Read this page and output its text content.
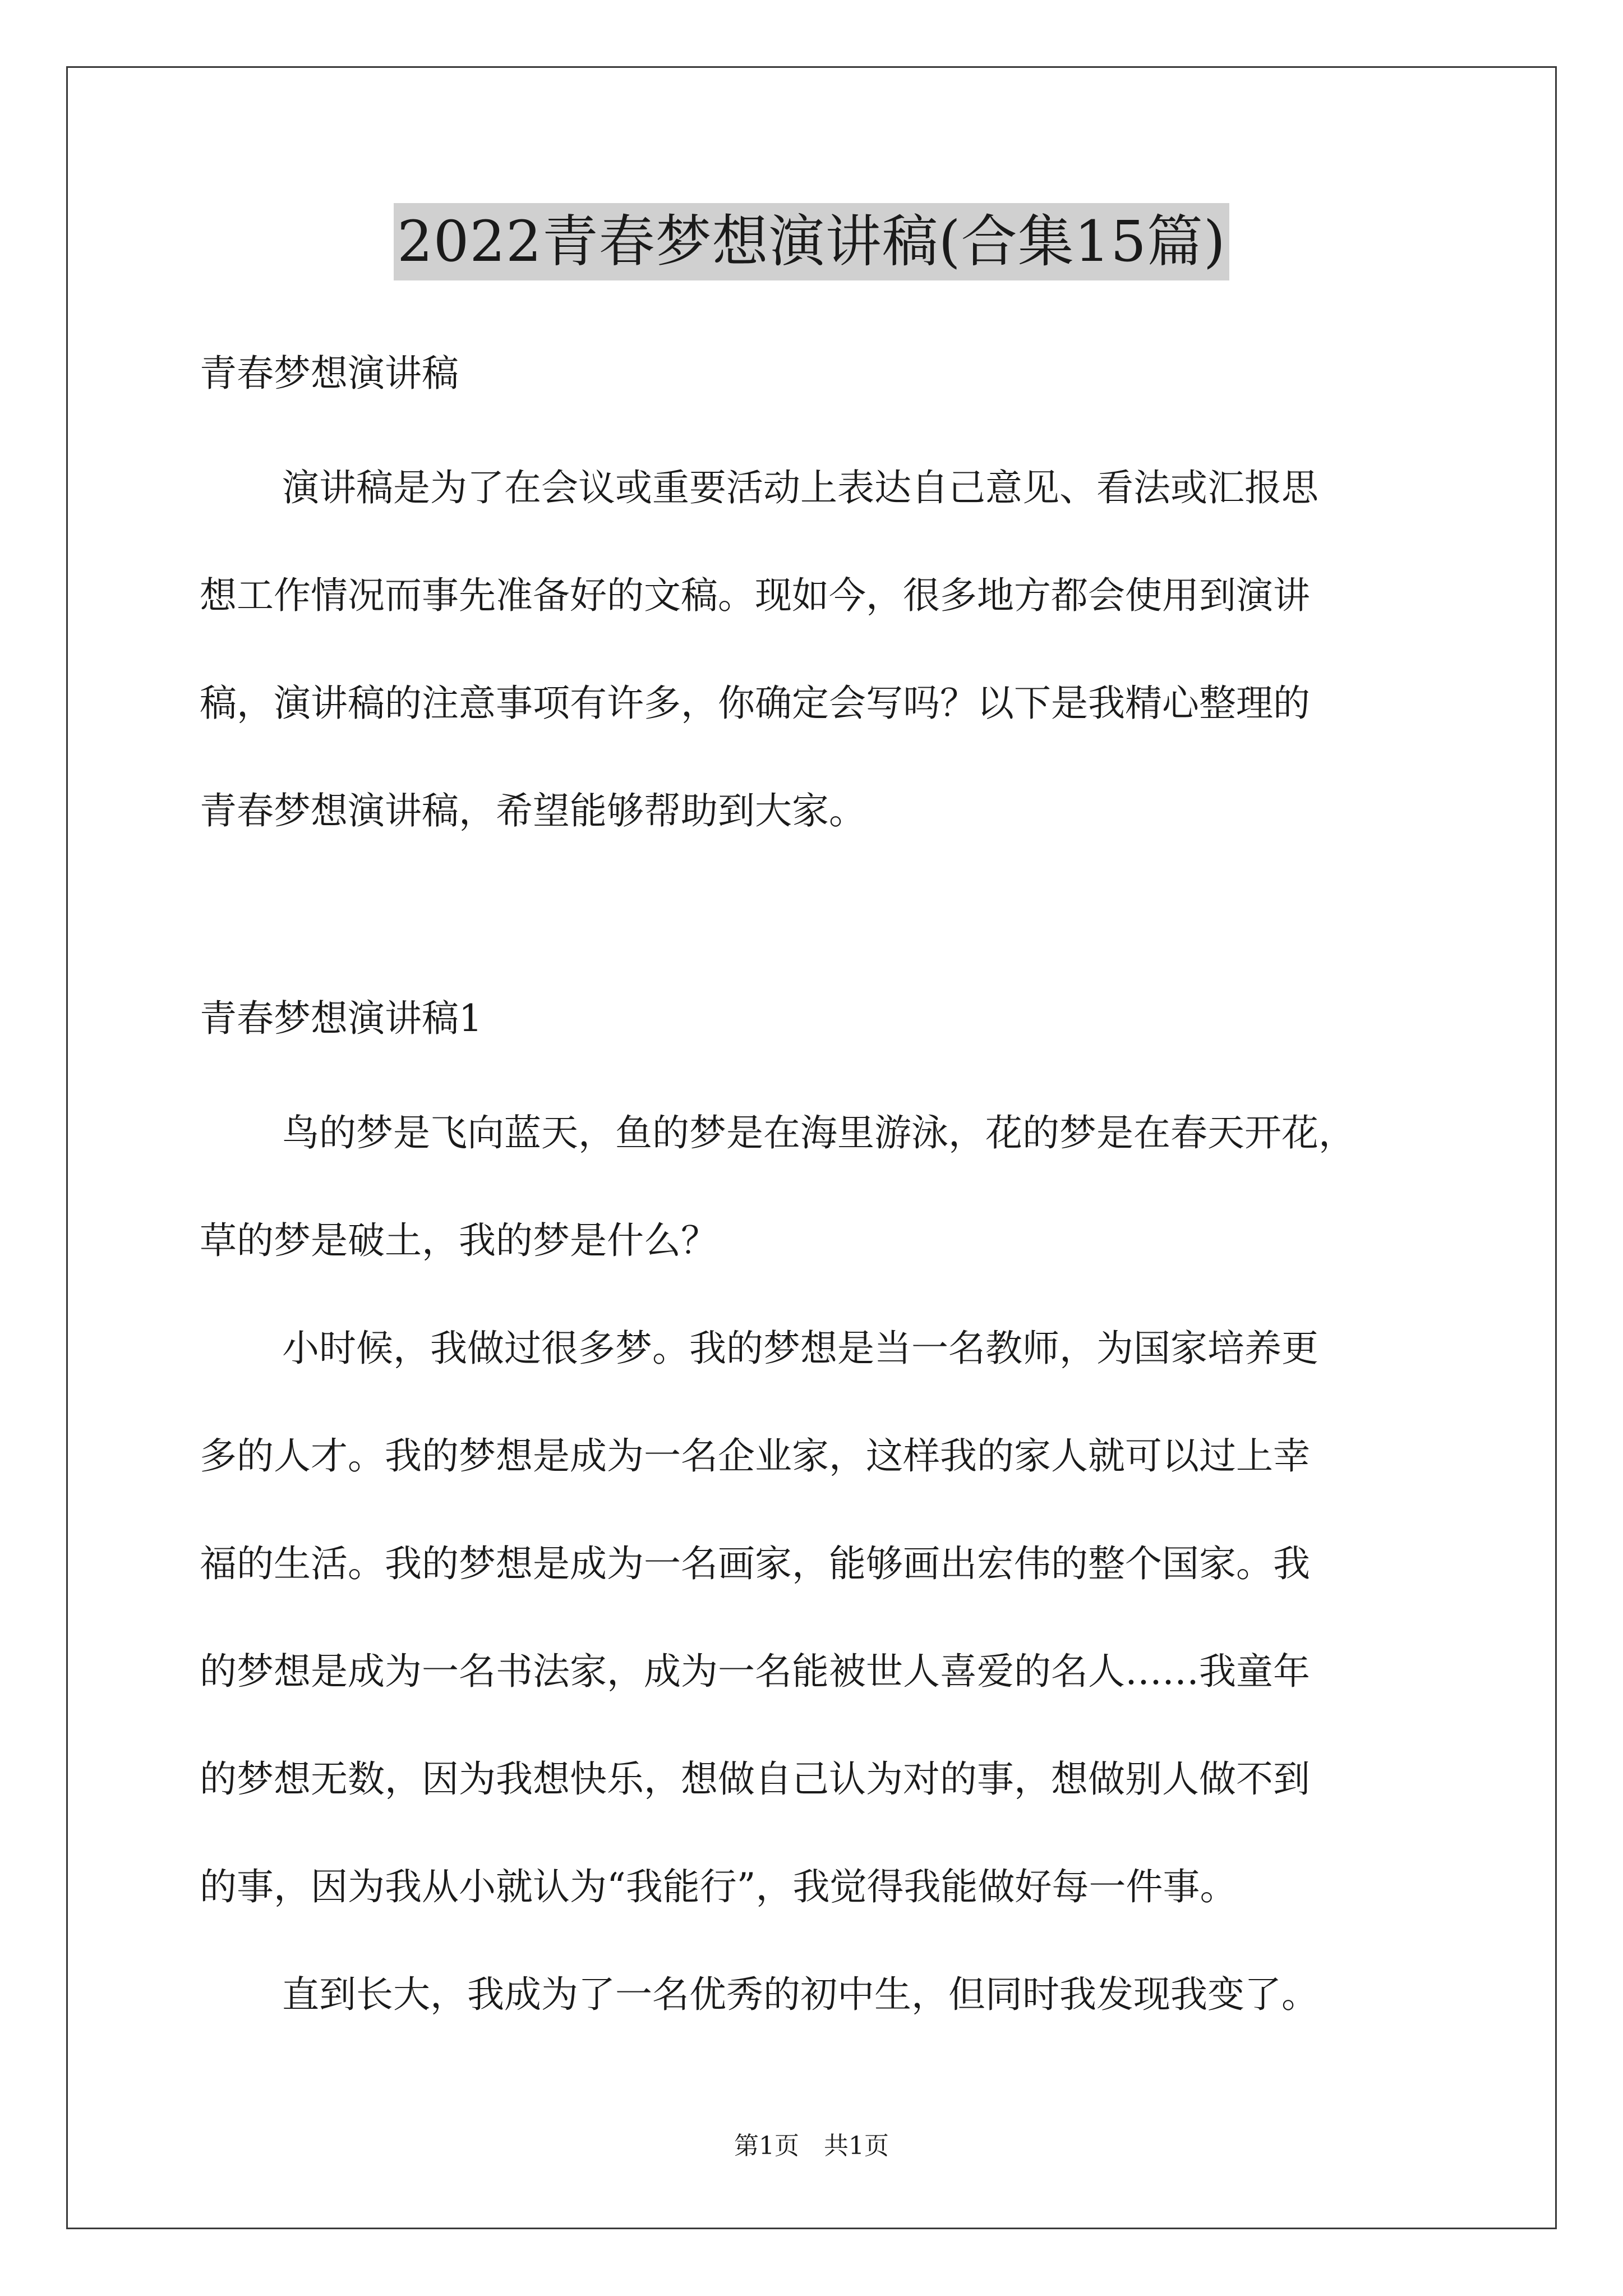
2022青春梦想演讲稿(合集15篇)
青春梦想演讲稿
演讲稿是为了在会议或重要活动上表达自己意见、看法或汇报思
想工作情况而事先准备好的文稿。现如今，很多地方都会使用到演讲
稿，演讲稿的注意事项有许多，你确定会写吗？以下是我精心整理的
青春梦想演讲稿，希望能够帮助到大家。
青春梦想演讲稿1
鸟的梦是飞向蓝天，鱼的梦是在海里游泳，花的梦是在春天开花，
草的梦是破土，我的梦是什么？
小时候，我做过很多梦。我的梦想是当一名教师，为国家培养更
多的人才。我的梦想是成为一名企业家，这样我的家人就可以过上幸
福的生活。我的梦想是成为一名画家，能够画出宏伟的整个国家。我
的梦想是成为一名书法家，成为一名能被世人喜爱的名人……我童年
的梦想无数，因为我想快乐，想做自己认为对的事，想做别人做不到
的事，因为我从小就认为“我能行”，我觉得我能做好每一件事。
直到长大，我成为了一名优秀的初中生，但同时我发现我变了。
第1页 共1页
